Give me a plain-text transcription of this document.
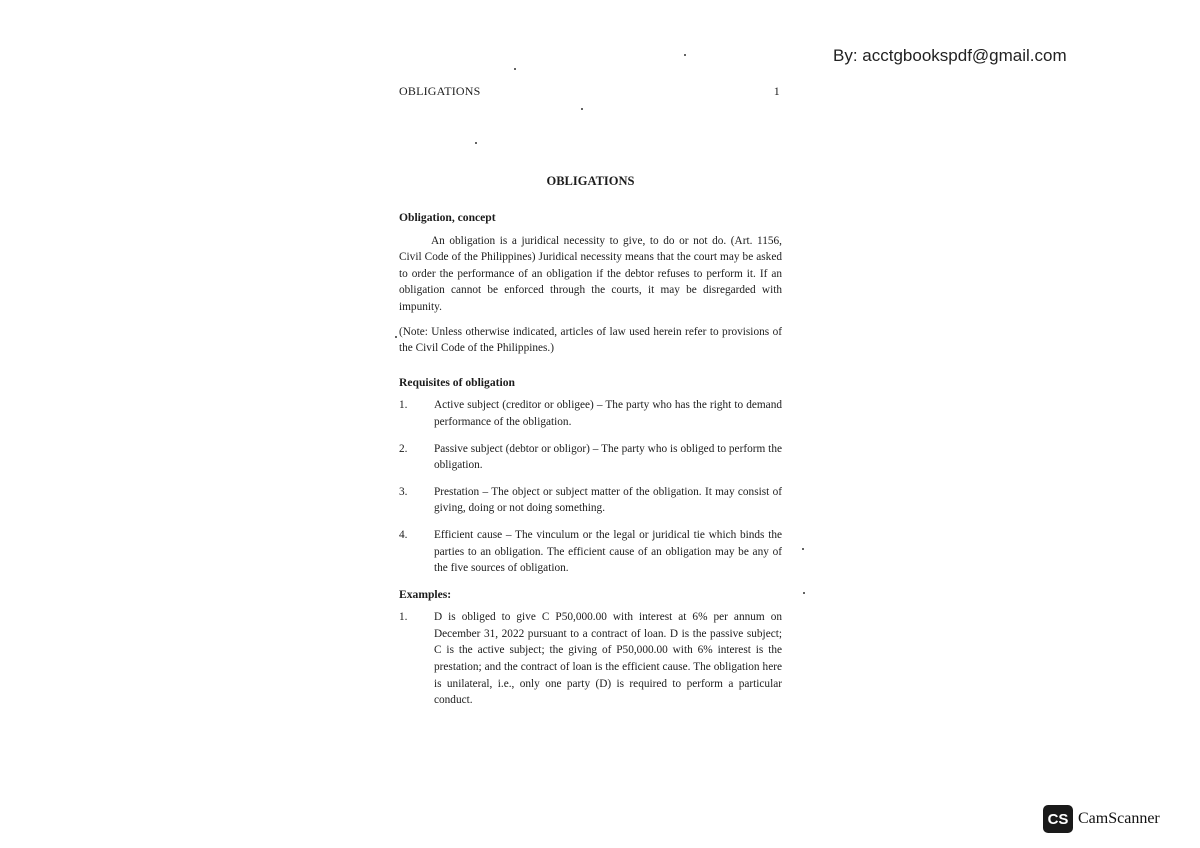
By: acctgbookspdf@gmail.com
OBLIGATIONS	1
OBLIGATIONS
Obligation, concept

An obligation is a juridical necessity to give, to do or not do. (Art. 1156, Civil Code of the Philippines) Juridical necessity means that the court may be asked to order the performance of an obligation if the debtor refuses to perform it. If an obligation cannot be enforced through the courts, it may be disregarded with impunity.

(Note: Unless otherwise indicated, articles of law used herein refer to provisions of the Civil Code of the Philippines.)

Requisites of obligation
1. Active subject (creditor or obligee) – The party who has the right to demand performance of the obligation.
2. Passive subject (debtor or obligor) – The party who is obliged to perform the obligation.
3. Prestation – The object or subject matter of the obligation. It may consist of giving, doing or not doing something.
4. Efficient cause – The vinculum or the legal or juridical tie which binds the parties to an obligation. The efficient cause of an obligation may be any of the five sources of obligation.
Examples:
1. D is obliged to give C P50,000.00 with interest at 6% per annum on December 31, 2022 pursuant to a contract of loan. D is the passive subject; C is the active subject; the giving of P50,000.00 with 6% interest is the prestation; and the contract of loan is the efficient cause. The obligation here is unilateral, i.e., only one party (D) is required to perform a particular conduct.
CS CamScanner
